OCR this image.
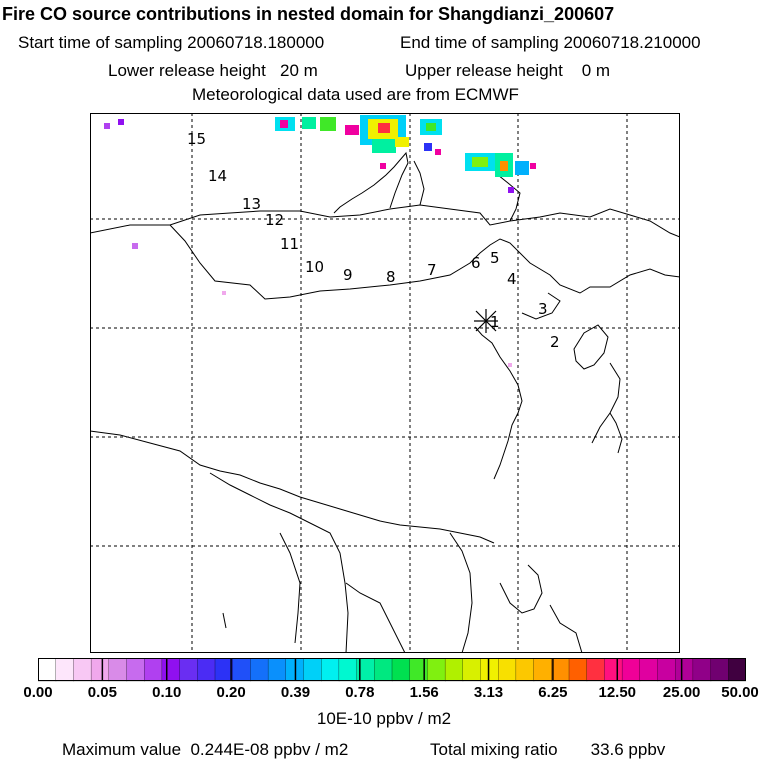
Fire CO source contributions in nested domain for Shangdianzi_200607
Start time of sampling 20060718.180000	End time of sampling 20060718.210000
Lower release height   20 m	Upper release height    0 m
Meteorological data used are from ECMWF
15
14
13
12
11
10 9 8 7 6 5
4
3
2
1
0.00 0.05 0.10 0.20 0.39 0.78 1.56 3.13 6.25 12.50 25.00 50.00
10E-10 ppbv / m2
Maximum value  0.244E-08 ppbv / m2	Total mixing ratio       33.6 ppbv
